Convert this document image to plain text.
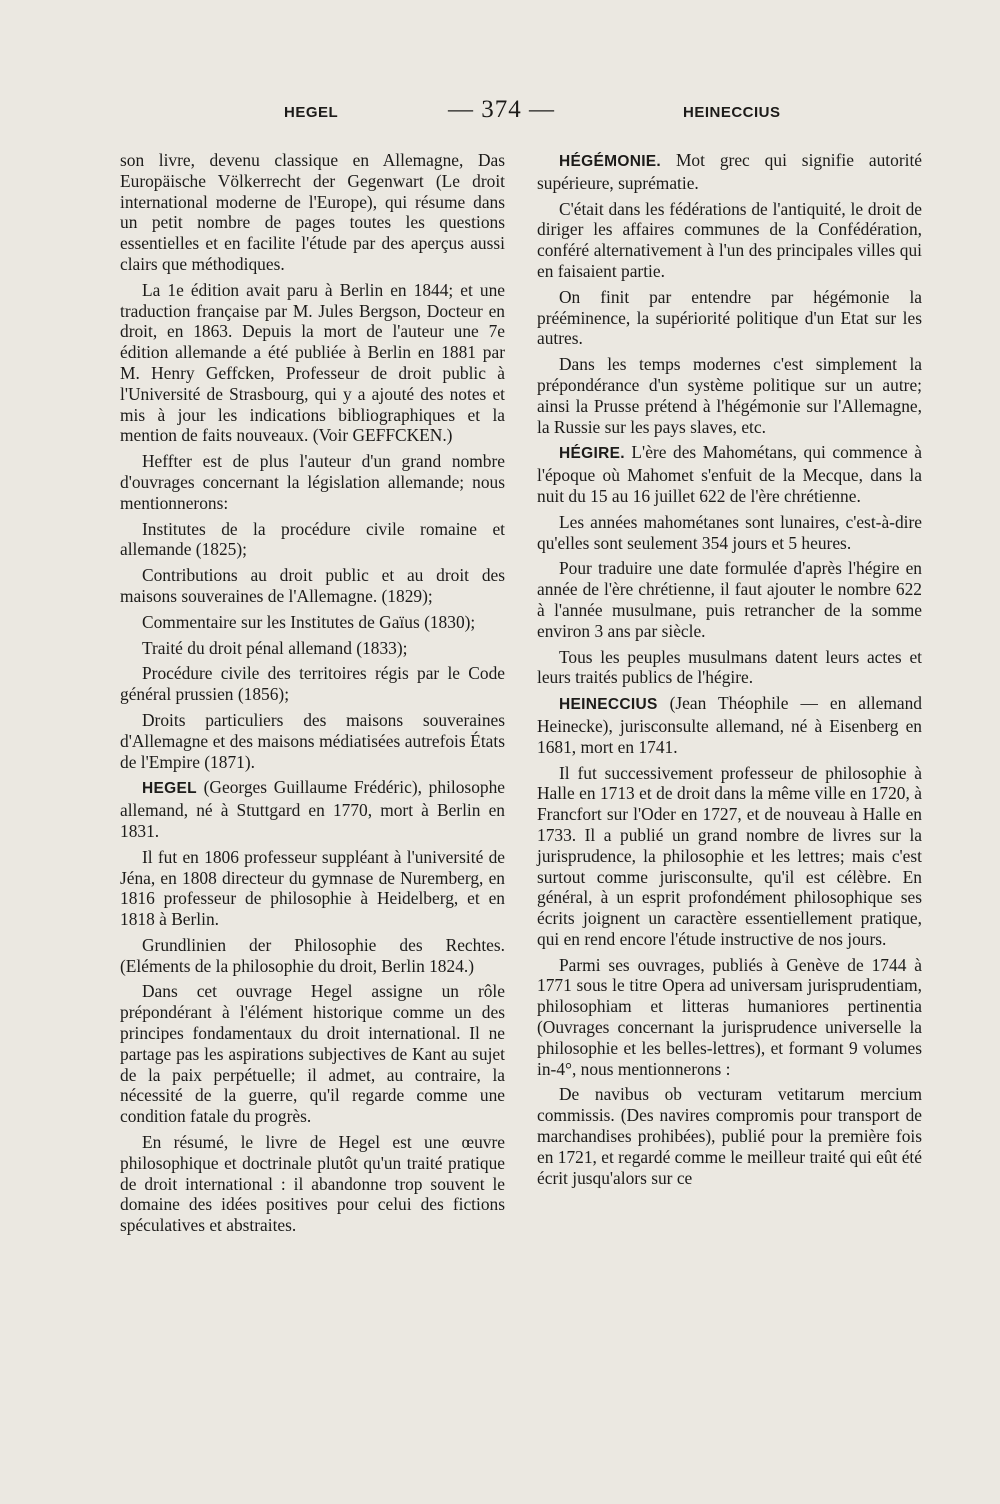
HEGEL	— 374 —	HEINECCIUS

son livre, devenu classique en Allemagne, Das Europäische Völkerrecht der Gegenwart (Le droit international moderne de l'Europe), qui résume dans un petit nombre de pages toutes les questions essentielles et en facilite l'étude par des aperçus aussi clairs que méthodiques.

La 1e édition avait paru à Berlin en 1844; et une traduction française par M. Jules Bergson, Docteur en droit, en 1863. Depuis la mort de l'auteur une 7e édition allemande a été publiée à Berlin en 1881 par M. Henry Geffcken, Professeur de droit public à l'Université de Strasbourg, qui y a ajouté des notes et mis à jour les indications bibliographiques et la mention de faits nouveaux. (Voir GEFFCKEN.)

Heffter est de plus l'auteur d'un grand nombre d'ouvrages concernant la législation allemande; nous mentionnerons:

Institutes de la procédure civile romaine et allemande (1825);

Contributions au droit public et au droit des maisons souveraines de l'Allemagne. (1829);

Commentaire sur les Institutes de Gaïus (1830);

Traité du droit pénal allemand (1833);

Procédure civile des territoires régis par le Code général prussien (1856);

Droits particuliers des maisons souveraines d'Allemagne et des maisons médiatisées autrefois États de l'Empire (1871).

HEGEL (Georges Guillaume Frédéric), philosophe allemand, né à Stuttgard en 1770, mort à Berlin en 1831.

Il fut en 1806 professeur suppléant à l'université de Jéna, en 1808 directeur du gymnase de Nuremberg, en 1816 professeur de philosophie à Heidelberg, et en 1818 à Berlin.

Grundlinien der Philosophie des Rechtes. (Eléments de la philosophie du droit, Berlin 1824.)

Dans cet ouvrage Hegel assigne un rôle prépondérant à l'élément historique comme un des principes fondamentaux du droit international. Il ne partage pas les aspirations subjectives de Kant au sujet de la paix perpétuelle; il admet, au contraire, la nécessité de la guerre, qu'il regarde comme une condition fatale du progrès.

En résumé, le livre de Hegel est une œuvre philosophique et doctrinale plutôt qu'un traité pratique de droit international : il abandonne trop souvent le domaine des idées positives pour celui des fictions spéculatives et abstraites.

HÉGÉMONIE. Mot grec qui signifie autorité supérieure, suprématie.

C'était dans les fédérations de l'antiquité, le droit de diriger les affaires communes de la Confédération, conféré alternativement à l'un des principales villes qui en faisaient partie.

On finit par entendre par hégémonie la prééminence, la supériorité politique d'un Etat sur les autres.

Dans les temps modernes c'est simplement la prépondérance d'un système politique sur un autre; ainsi la Prusse prétend à l'hégémonie sur l'Allemagne, la Russie sur les pays slaves, etc.

HÉGIRE. L'ère des Mahométans, qui commence à l'époque où Mahomet s'enfuit de la Mecque, dans la nuit du 15 au 16 juillet 622 de l'ère chrétienne.

Les années mahométanes sont lunaires, c'est-à-dire qu'elles sont seulement 354 jours et 5 heures.

Pour traduire une date formulée d'après l'hégire en année de l'ère chrétienne, il faut ajouter le nombre 622 à l'année musulmane, puis retrancher de la somme environ 3 ans par siècle.

Tous les peuples musulmans datent leurs actes et leurs traités publics de l'hégire.

HEINECCIUS (Jean Théophile — en allemand Heinecke), jurisconsulte allemand, né à Eisenberg en 1681, mort en 1741.

Il fut successivement professeur de philosophie à Halle en 1713 et de droit dans la même ville en 1720, à Francfort sur l'Oder en 1727, et de nouveau à Halle en 1733. Il a publié un grand nombre de livres sur la jurisprudence, la philosophie et les lettres; mais c'est surtout comme jurisconsulte, qu'il est célèbre. En général, à un esprit profondément philosophique ses écrits joignent un caractère essentiellement pratique, qui en rend encore l'étude instructive de nos jours.

Parmi ses ouvrages, publiés à Genève de 1744 à 1771 sous le titre Opera ad universam jurisprudentiam, philosophiam et litteras humaniores pertinentia (Ouvrages concernant la jurisprudence universelle la philosophie et les belles-lettres), et formant 9 volumes in-4°, nous mentionnerons :

De navibus ob vecturam vetitarum mercium commissis. (Des navires compromis pour transport de marchandises prohibées), publié pour la première fois en 1721, et regardé comme le meilleur traité qui eût été écrit jusqu'alors sur ce
